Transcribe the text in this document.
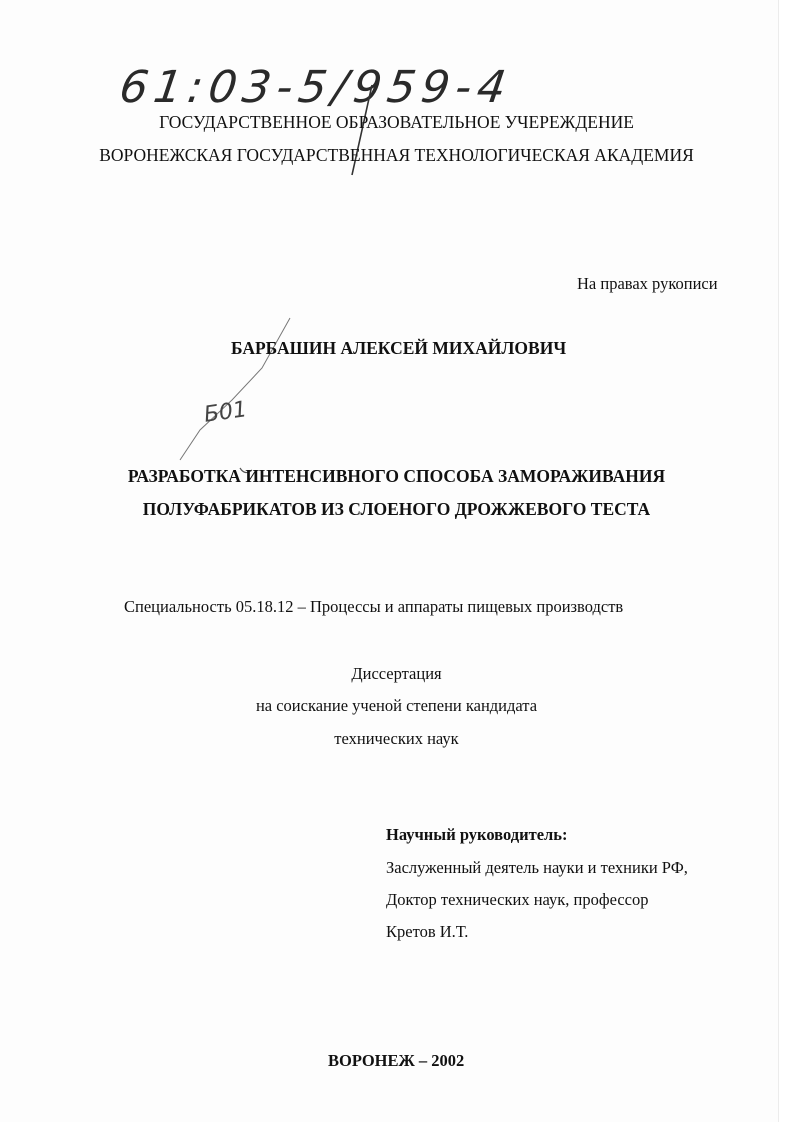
61:03-5/959-4
ГОСУДАРСТВЕННОЕ ОБРАЗОВАТЕЛЬНОЕ УЧЕРЕЖДЕНИЕ
ВОРОНЕЖСКАЯ ГОСУДАРСТВЕННАЯ ТЕХНОЛОГИЧЕСКАЯ АКАДЕМИЯ
На правах рукописи
БАРБАШИН АЛЕКСЕЙ МИХАЙЛОВИЧ
Б01
РАЗРАБОТКА ИНТЕНСИВНОГО СПОСОБА ЗАМОРАЖИВАНИЯ
ПОЛУФАБРИКАТОВ ИЗ СЛОЕНОГО ДРОЖЖЕВОГО ТЕСТА
Специальность 05.18.12 – Процессы и аппараты пищевых производств
Диссертация
на соискание ученой степени кандидата
технических наук
Научный руководитель:
Заслуженный деятель науки и техники РФ,
Доктор технических наук, профессор
Кретов И.Т.
ВОРОНЕЖ – 2002
